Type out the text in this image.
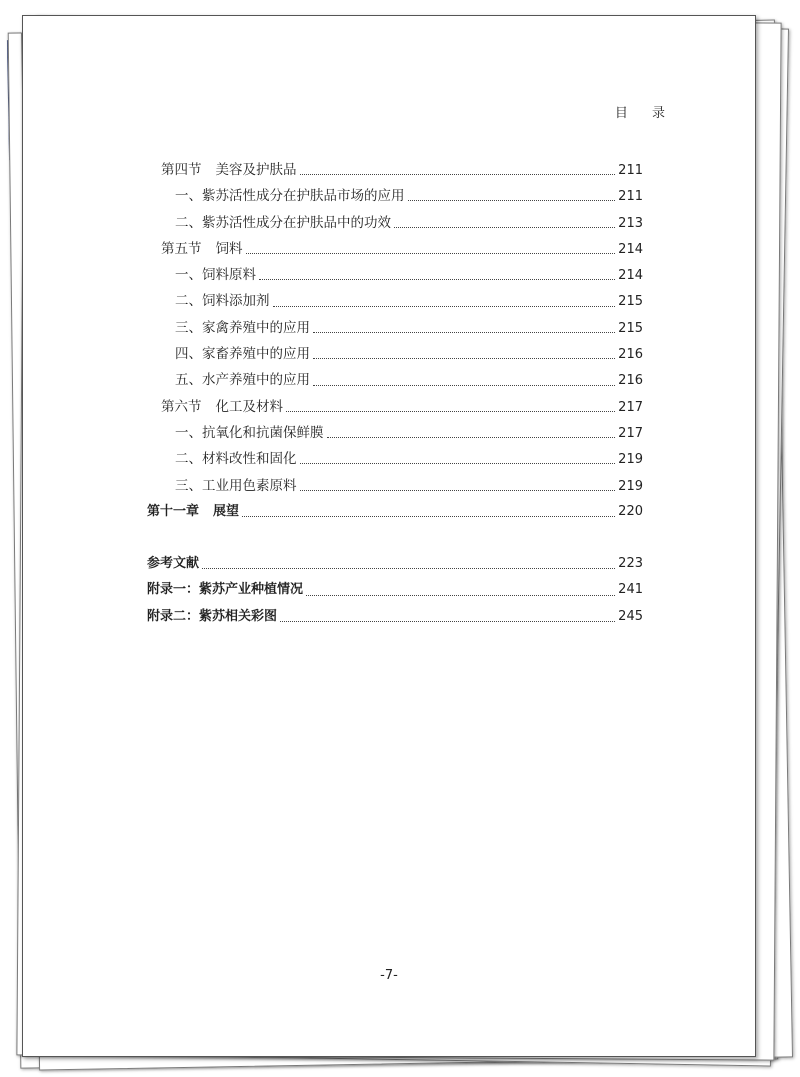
目 录
第四节 美容及护肤品	211
一、紫苏活性成分在护肤品市场的应用	211
二、紫苏活性成分在护肤品中的功效	213
第五节 饲料	214
一、饲料原料	214
二、饲料添加剂	215
三、家禽养殖中的应用	215
四、家畜养殖中的应用	216
五、水产养殖中的应用	216
第六节 化工及材料	217
一、抗氧化和抗菌保鲜膜	217
二、材料改性和固化	219
三、工业用色素原料	219
第十一章 展望	220
参考文献	223
附录一：紫苏产业种植情况	241
附录二：紫苏相关彩图	245
-7-
